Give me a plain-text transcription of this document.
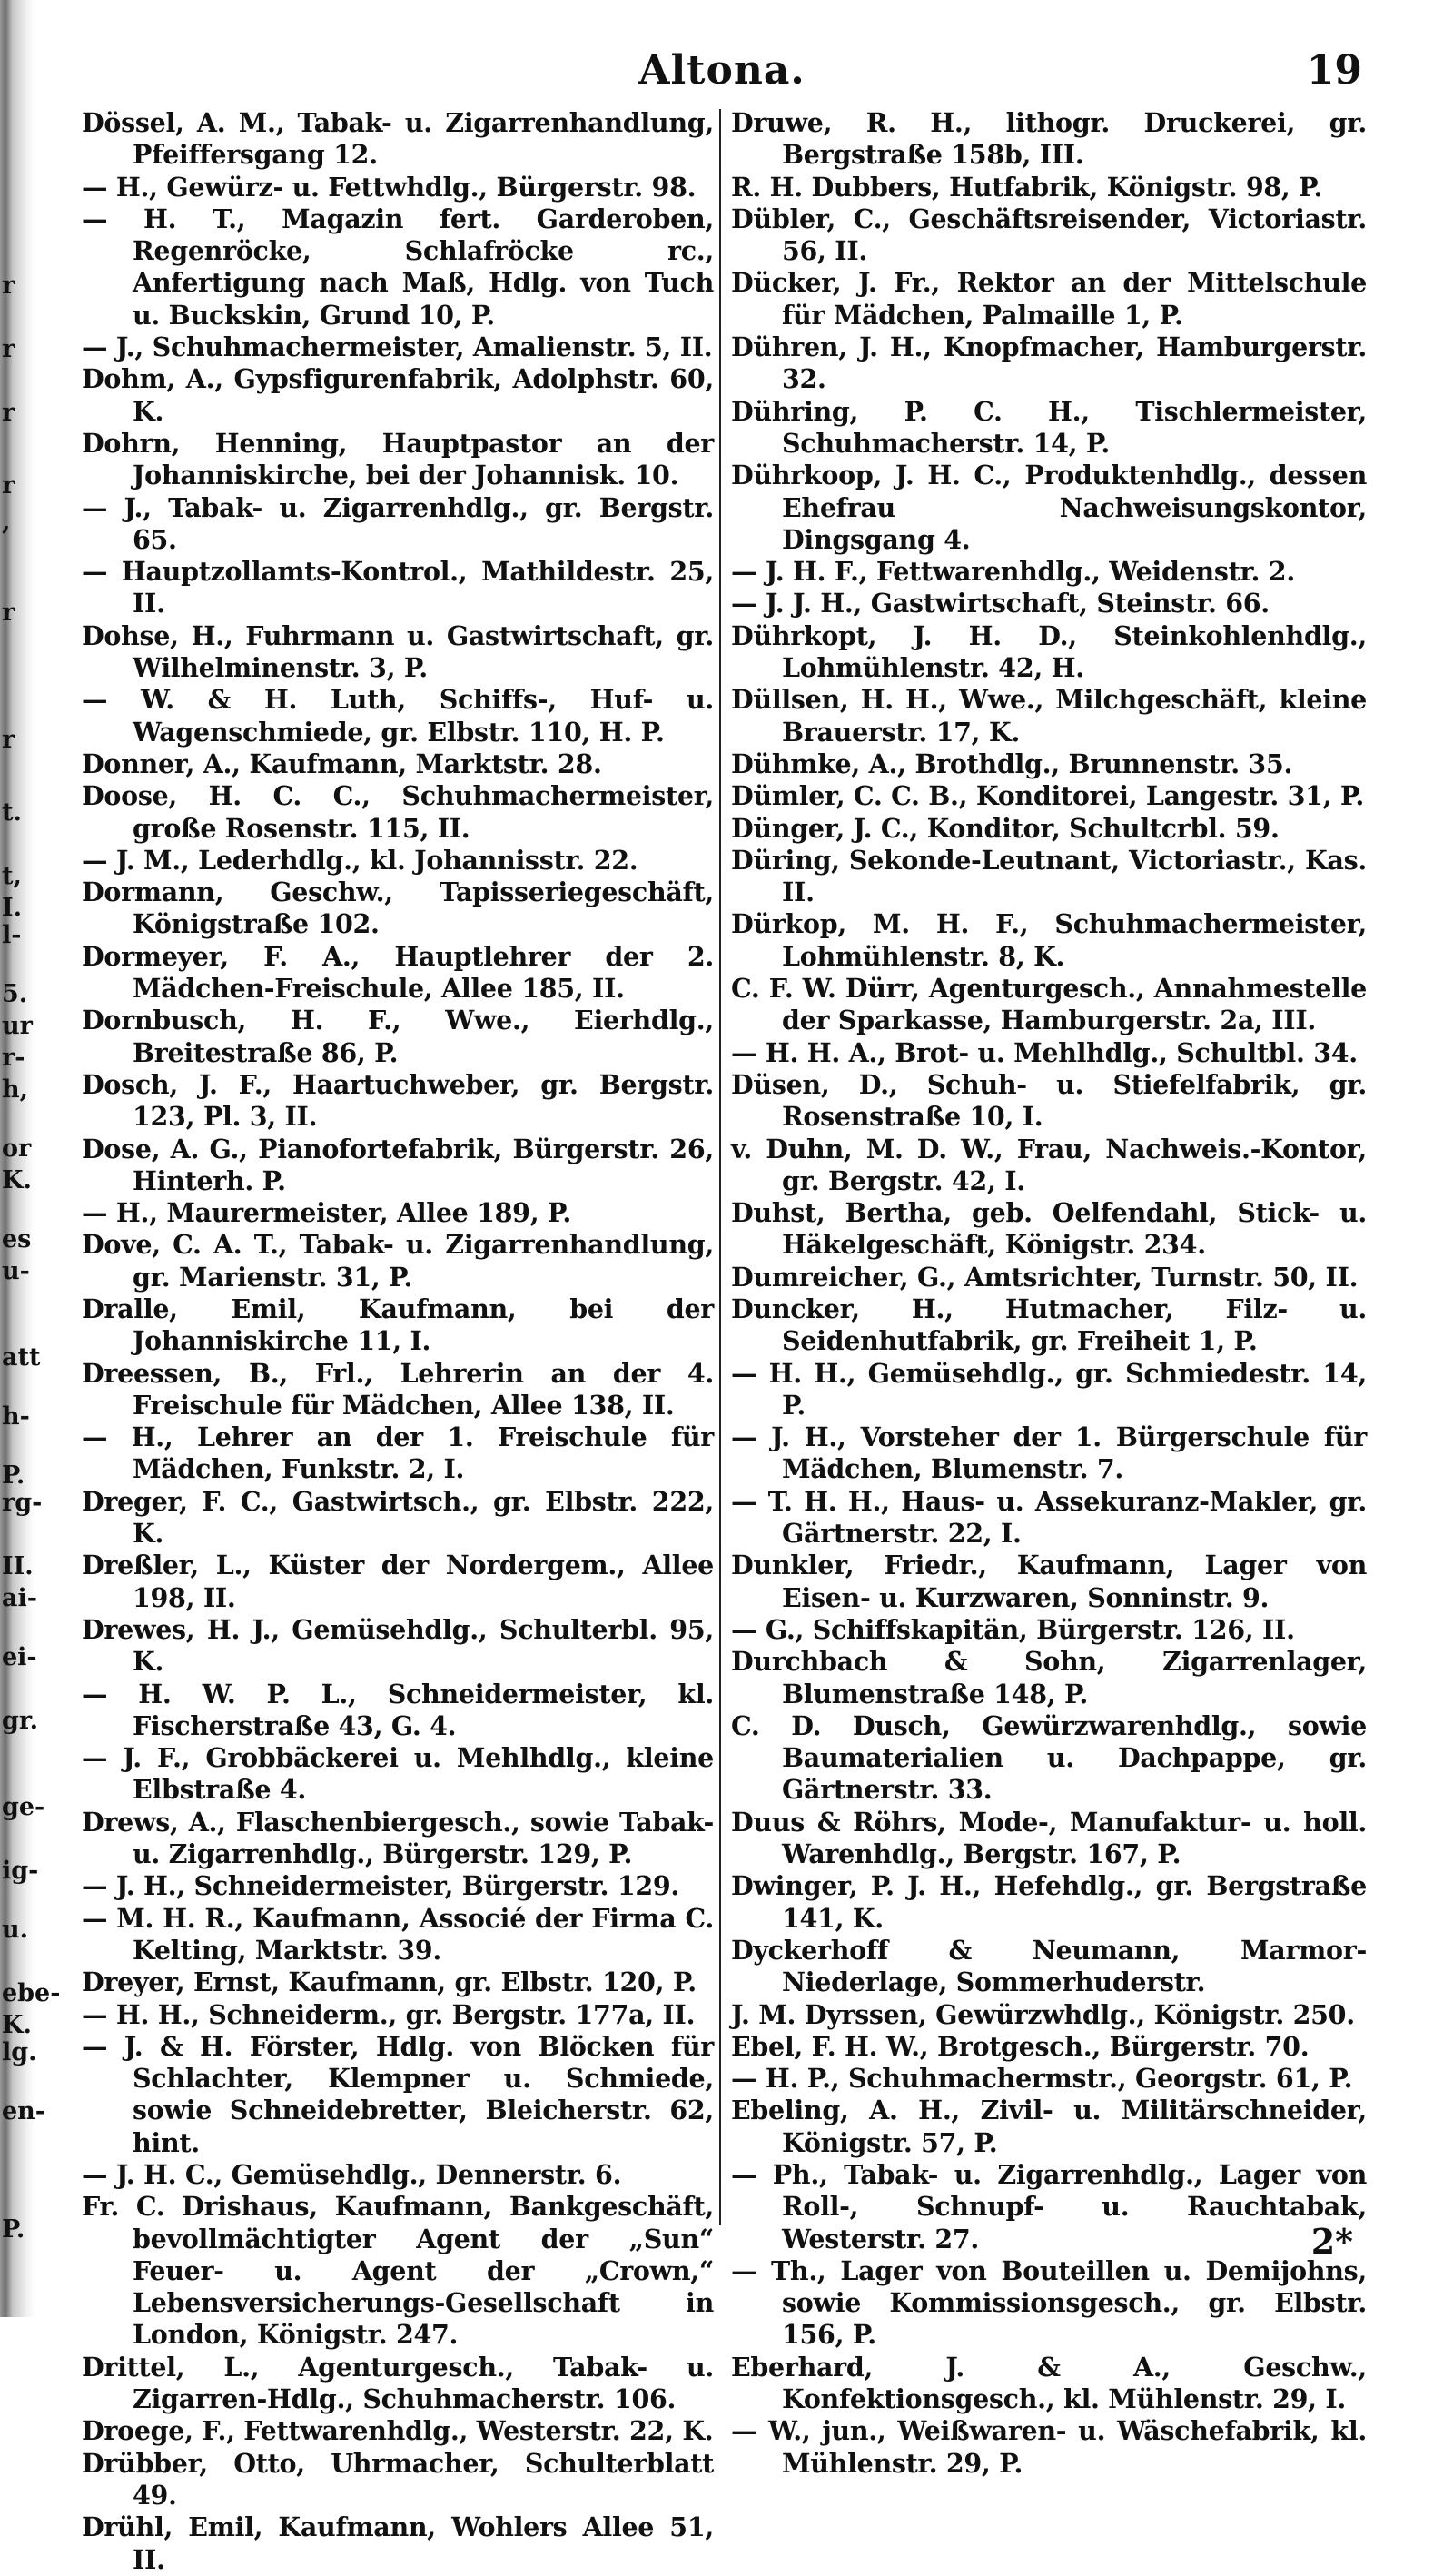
r
r
r
r
,
r
r
t.
t,
I.
l-
5.
ur
r-
h,
or
K.
es
u-
att
h-
P.
rg-
II.
ai-
ei-
gr.
ge-
ig-
u.
ebe-
K.
lg.
en-
P.
Altona.	19

Dössel, A. M., Tabak- u. Zigarrenhandlung, Pfeiffersgang 12.

— H., Gewürz- u. Fettwhdlg., Bürgerstr. 98.

— H. T., Magazin fert. Garderoben, Regenröcke, Schlafröcke rc., Anfertigung nach Maß, Hdlg. von Tuch u. Buckskin, Grund 10, P.

— J., Schuhmachermeister, Amalienstr. 5, II.

Dohm, A., Gypsfigurenfabrik, Adolphstr. 60, K.

Dohrn, Henning, Hauptpastor an der Johanniskirche, bei der Johannisk. 10.

— J., Tabak- u. Zigarrenhdlg., gr. Bergstr. 65.

— Hauptzollamts-Kontrol., Mathildestr. 25, II.

Dohse, H., Fuhrmann u. Gastwirtschaft, gr. Wilhelminenstr. 3, P.

— W. & H. Luth, Schiffs-, Huf- u. Wagenschmiede, gr. Elbstr. 110, H. P.

Donner, A., Kaufmann, Marktstr. 28.

Doose, H. C. C., Schuhmachermeister, große Rosenstr. 115, II.

— J. M., Lederhdlg., kl. Johannisstr. 22.

Dormann, Geschw., Tapisseriegeschäft, Königstraße 102.

Dormeyer, F. A., Hauptlehrer der 2. Mädchen-Freischule, Allee 185, II.

Dornbusch, H. F., Wwe., Eierhdlg., Breitestraße 86, P.

Dosch, J. F., Haartuchweber, gr. Bergstr. 123, Pl. 3, II.

Dose, A. G., Pianofortefabrik, Bürgerstr. 26, Hinterh. P.

— H., Maurermeister, Allee 189, P.

Dove, C. A. T., Tabak- u. Zigarrenhandlung, gr. Marienstr. 31, P.

Dralle, Emil, Kaufmann, bei der Johanniskirche 11, I.

Dreessen, B., Frl., Lehrerin an der 4. Freischule für Mädchen, Allee 138, II.

— H., Lehrer an der 1. Freischule für Mädchen, Funkstr. 2, I.

Dreger, F. C., Gastwirtsch., gr. Elbstr. 222, K.

Dreßler, L., Küster der Nordergem., Allee 198, II.

Drewes, H. J., Gemüsehdlg., Schulterbl. 95, K.

— H. W. P. L., Schneidermeister, kl. Fischerstraße 43, G. 4.

— J. F., Grobbäckerei u. Mehlhdlg., kleine Elbstraße 4.

Drews, A., Flaschenbiergesch., sowie Tabak- u. Zigarrenhdlg., Bürgerstr. 129, P.

— J. H., Schneidermeister, Bürgerstr. 129.

— M. H. R., Kaufmann, Associé der Firma C. Kelting, Marktstr. 39.

Dreyer, Ernst, Kaufmann, gr. Elbstr. 120, P.

— H. H., Schneiderm., gr. Bergstr. 177a, II.

— J. & H. Förster, Hdlg. von Blöcken für Schlachter, Klempner u. Schmiede, sowie Schneidebretter, Bleicherstr. 62, hint.

— J. H. C., Gemüsehdlg., Dennerstr. 6.

Fr. C. Drishaus, Kaufmann, Bankgeschäft, bevollmächtigter Agent der „Sun“ Feuer- u. Agent der „Crown,“ Lebensversicherungs-Gesellschaft in London, Königstr. 247.

Drittel, L., Agenturgesch., Tabak- u. Zigarren-Hdlg., Schuhmacherstr. 106.

Droege, F., Fettwarenhdlg., Westerstr. 22, K.

Drübber, Otto, Uhrmacher, Schulterblatt 49.

Drühl, Emil, Kaufmann, Wohlers Allee 51, II.

Druwe, R. H., lithogr. Druckerei, gr. Bergstraße 158b, III.

R. H. Dubbers, Hutfabrik, Königstr. 98, P.

Dübler, C., Geschäftsreisender, Victoriastr. 56, II.

Dücker, J. Fr., Rektor an der Mittelschule für Mädchen, Palmaille 1, P.

Dühren, J. H., Knopfmacher, Hamburgerstr. 32.

Dühring, P. C. H., Tischlermeister, Schuhmacherstr. 14, P.

Dührkoop, J. H. C., Produktenhdlg., dessen Ehefrau Nachweisungskontor, Dingsgang 4.

— J. H. F., Fettwarenhdlg., Weidenstr. 2.

— J. J. H., Gastwirtschaft, Steinstr. 66.

Dührkopt, J. H. D., Steinkohlenhdlg., Lohmühlenstr. 42, H.

Düllsen, H. H., Wwe., Milchgeschäft, kleine Brauerstr. 17, K.

Dühmke, A., Brothdlg., Brunnenstr. 35.

Dümler, C. C. B., Konditorei, Langestr. 31, P.

Dünger, J. C., Konditor, Schultcrbl. 59.

Düring, Sekonde-Leutnant, Victoriastr., Kas. II.

Dürkop, M. H. F., Schuhmachermeister, Lohmühlenstr. 8, K.

C. F. W. Dürr, Agenturgesch., Annahmestelle der Sparkasse, Hamburgerstr. 2a, III.

— H. H. A., Brot- u. Mehlhdlg., Schultbl. 34.

Düsen, D., Schuh- u. Stiefelfabrik, gr. Rosenstraße 10, I.

v. Duhn, M. D. W., Frau, Nachweis.-Kontor, gr. Bergstr. 42, I.

Duhst, Bertha, geb. Oelfendahl, Stick- u. Häkelgeschäft, Königstr. 234.

Dumreicher, G., Amtsrichter, Turnstr. 50, II.

Duncker, H., Hutmacher, Filz- u. Seidenhutfabrik, gr. Freiheit 1, P.

— H. H., Gemüsehdlg., gr. Schmiedestr. 14, P.

— J. H., Vorsteher der 1. Bürgerschule für Mädchen, Blumenstr. 7.

— T. H. H., Haus- u. Assekuranz-Makler, gr. Gärtnerstr. 22, I.

Dunkler, Friedr., Kaufmann, Lager von Eisen- u. Kurzwaren, Sonninstr. 9.

— G., Schiffskapitän, Bürgerstr. 126, II.

Durchbach & Sohn, Zigarrenlager, Blumenstraße 148, P.

C. D. Dusch, Gewürzwarenhdlg., sowie Baumaterialien u. Dachpappe, gr. Gärtnerstr. 33.

Duus & Röhrs, Mode-, Manufaktur- u. holl. Warenhdlg., Bergstr. 167, P.

Dwinger, P. J. H., Hefehdlg., gr. Bergstraße 141, K.

Dyckerhoff & Neumann, Marmor-Niederlage, Sommerhuderstr.

J. M. Dyrssen, Gewürzwhdlg., Königstr. 250.

Ebel, F. H. W., Brotgesch., Bürgerstr. 70.

— H. P., Schuhmachermstr., Georgstr. 61, P.

Ebeling, A. H., Zivil- u. Militärschneider, Königstr. 57, P.

— Ph., Tabak- u. Zigarrenhdlg., Lager von Roll-, Schnupf- u. Rauchtabak, Westerstr. 27.

— Th., Lager von Bouteillen u. Demijohns, sowie Kommissionsgesch., gr. Elbstr. 156, P.

Eberhard, J. & A., Geschw., Konfektionsgesch., kl. Mühlenstr. 29, I.

— W., jun., Weißwaren- u. Wäschefabrik, kl. Mühlenstr. 29, P.

2*
